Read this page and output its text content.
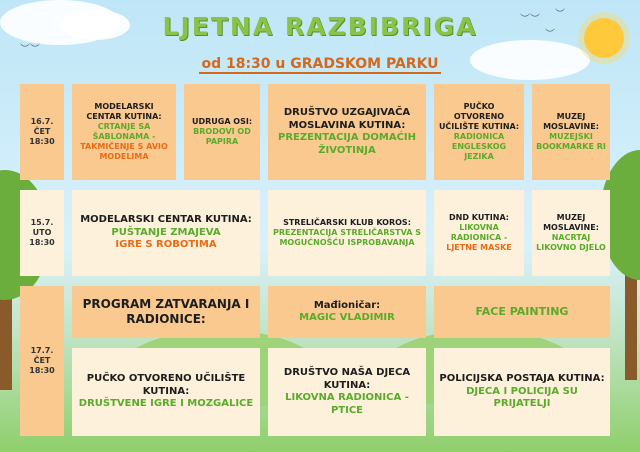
︶︶
︶
︶
︶︶
LJETNA RAZBIBRIGA
od 18:30 u GRADSKOM PARKU
16.7.
ČET
18:30
MODELARSKI CENTAR KUTINA:
CRTANJE SA ŠABLONAMA -
TAKMIČENJE S AVIO MODELIMA
UDRUGA OSI:
BRODOVI OD PAPIRA
DRUŠTVO UZGAJIVAČA MOSLAVINA KUTINA:
PREZENTACIJA DOMAĆIH ŽIVOTINJA
PUČKO OTVORENO UČILIŠTE KUTINA:
RADIONICA ENGLESKOG JEZIKA
MUZEJ MOSLAVINE:
MUZEJSKI BOOKMARKE RI
15.7.
UTO
18:30
MODELARSKI CENTAR KUTINA:
PUŠTANJE ZMAJEVA
IGRE S ROBOTIMA
STRELIČARSKI KLUB KOROS:
PREZENTACIJA STRELIČARSTVA S MOGUĆNOŠĆU ISPROBAVANJA
DND KUTINA:
LIKOVNA RADIONICA -
LJETNE MASKE
MUZEJ MOSLAVINE:
NACRTAJ LIKOVNO DJELO
17.7.
ČET
18:30
PROGRAM ZATVARANJA I RADIONICE:
Mađioničar:
MAGIC VLADIMIR	FACE PAINTING
PUČKO OTVORENO UČILIŠTE KUTINA:
DRUŠTVENE IGRE I MOZGALICE
DRUŠTVO NAŠA DJECA KUTINA:
LIKOVNA RADIONICA - PTICE
POLICIJSKA POSTAJA KUTINA:
DJECA I POLICIJA SU PRIJATELJI
